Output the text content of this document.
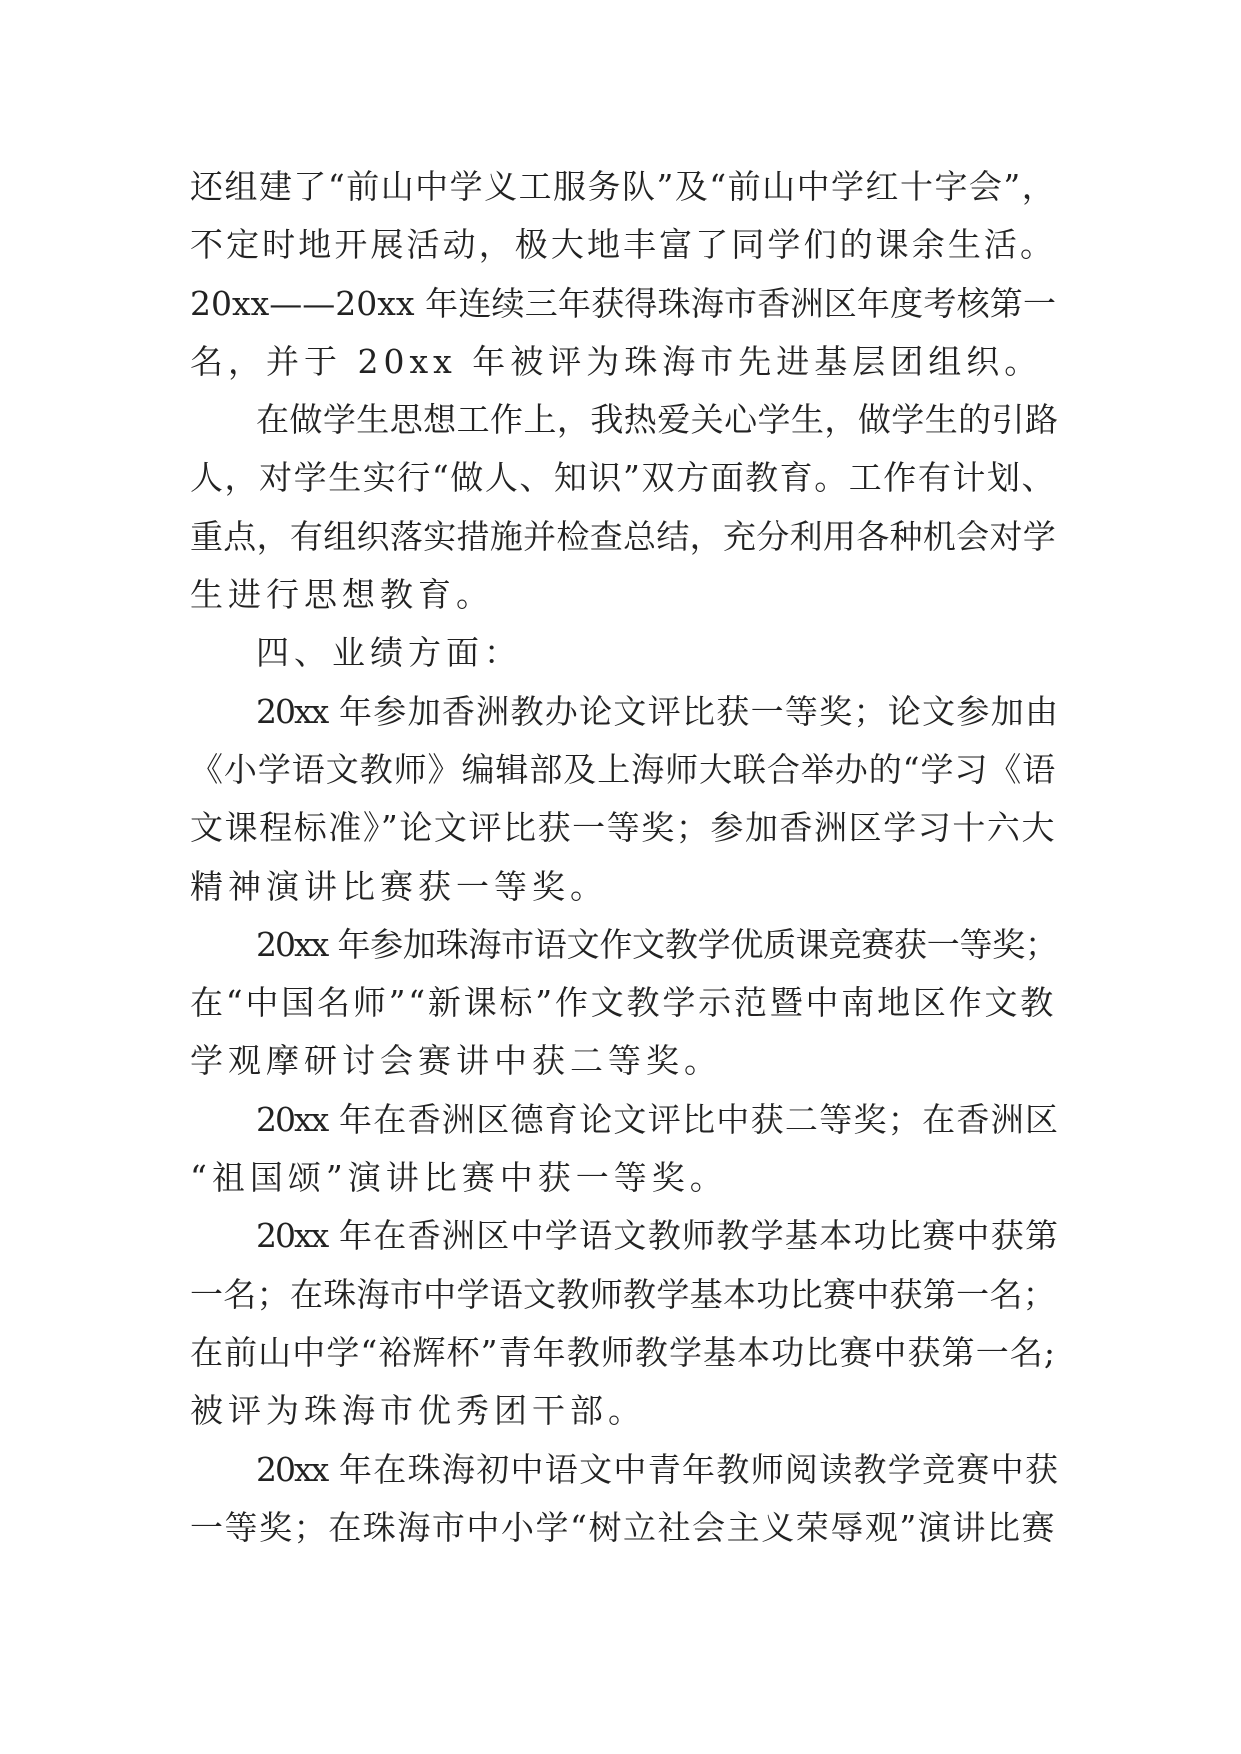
还组建了“前山中学义工服务队”及“前山中学红十字会”，
不定时地开展活动，极大地丰富了同学们的课余生活。
20xx——20xx 年连续三年获得珠海市香洲区年度考核第一
名，并于 20xx 年被评为珠海市先进基层团组织。

在做学生思想工作上，我热爱关心学生，做学生的引路
人，对学生实行“做人、知识”双方面教育。工作有计划、
重点，有组织落实措施并检查总结，充分利用各种机会对学
生进行思想教育。

四、业绩方面：

20xx 年参加香洲教办论文评比获一等奖；论文参加由
《小学语文教师》编辑部及上海师大联合举办的“学习《语
文课程标准》”论文评比获一等奖；参加香洲区学习十六大
精神演讲比赛获一等奖。

20xx 年参加珠海市语文作文教学优质课竞赛获一等奖；
在“中国名师”“新课标”作文教学示范暨中南地区作文教
学观摩研讨会赛讲中获二等奖。

20xx 年在香洲区德育论文评比中获二等奖；在香洲区
“祖国颂”演讲比赛中获一等奖。

20xx 年在香洲区中学语文教师教学基本功比赛中获第
一名；在珠海市中学语文教师教学基本功比赛中获第一名；
在前山中学“裕辉杯”青年教师教学基本功比赛中获第一名;
被评为珠海市优秀团干部。

20xx 年在珠海初中语文中青年教师阅读教学竞赛中获
一等奖；在珠海市中小学“树立社会主义荣辱观”演讲比赛
